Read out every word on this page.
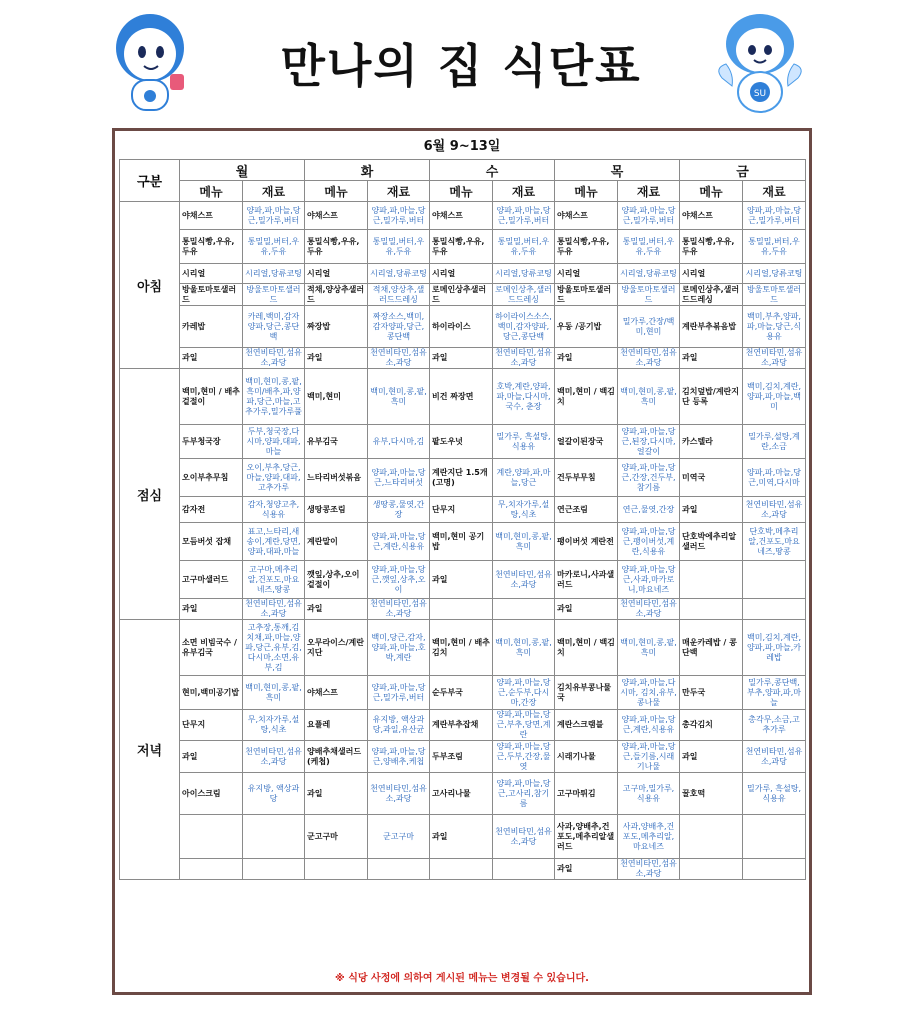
만나의 집 식단표
SU
6월 9~13일
구분	월		화		수		목		금	
	메뉴	재료	메뉴	재료	메뉴	재료	메뉴	재료	메뉴	재료
아침	야채스프	양파,파,마늘,당근,밀가루,버터	야채스프	양파,파,마늘,당근,밀가루,버터	야채스프	양파,파,마늘,당근,밀가루,버터	야채스프	양파,파,마늘,당근,밀가루,버터	야채스프	양파,파,마늘,당근,밀가루,버터
	통밀식빵,우유,두유	통밀밀,버터,우유,두유	통밀식빵,우유,두유	통밀밀,버터,우유,두유	통밀식빵,우유,두유	통밀밀,버터,우유,두유	통밀식빵,우유,두유	통밀밀,버터,우유,두유	통밀식빵,우유,두유	통밀밀,버터,우유,두유
	시리얼	시리얼,당류코팅	시리얼	시리얼,당류코팅	시리얼	시리얼,당류코팅	시리얼	시리얼,당류코팅	시리얼	시리얼,당류코팅
	방울토마토샐러드	방울토마토샐러드	적채,양상추샐러드	적채,양상추,샐러드드레싱	로메인상추샐러드	로메인상추,샐러드드레싱	방울토마토샐러드	방울토마토샐러드	로메인상추,샐러드드레싱	방울토마토샐러드
	카레밥	카레,백미,감자양파,당근,콩단백	짜장밥	짜장소스,백미,감자양파,당근,콩단백	하이라이스	하이라이스소스,백미,감자양파,당근,콩단백	우동 /공기밥	밀가루,간장/백미,현미	계란부추볶음밥	백미,부추,양파,파,마늘,당근,식용유
	과일	천연비타민,섬유소,과당	과일	천연비타민,섬유소,과당	과일	천연비타민,섬유소,과당	과일	천연비타민,섬유소,과당	과일	천연비타민,섬유소,과당
점심	백미,현미 / 배추겉절이	백미,현미,콩,팥,흑미/배추,파,양파,당근,마늘,고추가루,밀가루풀	백미,현미	백미,현미,콩,팥,흑미	비건 짜장면	호박,계란,양파,파,마늘,다시마,국수, 춘장	백미,현미 / 백김치	백미,현미,콩,팥,흑미	김치덮밥/계란지단 등록	백미,김치,계란,양파,파,마늘,백미
	두부청국장	두부,청국장,다시마,양파,대파,마늘	유부김국	유부,다시마,김	팥도우넛	밀가루, 흑설탕,식용유	얼갈이된장국	양파,파,마늘,당근,된장,다시마,얼갈이	카스텔라	밀가루,설탕,계란,소금
	오이부추무침	오이,부추,당근,마늘,양파,대파,고추가루	느타리버섯볶음	양파,파,마늘,당근,느타리버섯	계란지단 1.5개 (고명)	계란,양파,파,마늘,당근	건두부무침	양파,파,마늘,당근,간장,건두부,참기름	미역국	양파,파,마늘,당근,미역,다시마
	감자전	감자,청양고추,식용유	생땅콩조림	생땅콩,물엿,간장	단무지	무,치자가루,설탕,식초	연근조림	연근,물엿,간장	과일	천연비타민,섬유소,과당
	모듬버섯 잡채	표고,느타리,새송이,계란,당면,양파,대파,마늘	계란말이	양파,파,마늘,당근,계란,식용유	백미,현미 공기밥	백미,현미,콩,팥,흑미	팽이버섯 계란전	양파,파,마늘,당근,팽이버섯,계란,식용유	단호박에추리알샐러드	단호박,메추리알,건포도,마요네즈,땅콩
	고구마샐러드	고구마,메추리알,건포도,마요네즈,땅콩	깻잎,상추,오이겉절이	양파,파,마늘,당근,깻잎,상추,오이	과일	천연비타민,섬유소,과당	마카로니,사과샐러드	양파,파,마늘,당근,사과,마카로니,마요네즈		
	과일	천연비타민,섬유소,과당	과일	천연비타민,섬유소,과당			과일	천연비타민,섬유소,과당		
저녁	소면 비빔국수 / 유부김국	고추장,통깨,김치채,파,마늘,양파,당근,유부,김,다시마,소면,유부,김	오무라이스/계란지단	백미,당근,감자,양파,파,마늘,호박,계란	백미,현미 / 배추김치	백미,현미,콩,팥,흑미	백미,현미 / 백김치	백미,현미,콩,팥,흑미	매운카레밥 / 콩단백	백미,김치,계란,양파,파,마늘,카레밥
	현미,백미공기밥	백미,현미,콩,팥,흑미	야채스프	양파,파,마늘,당근,밀가루,버터	순두부국	양파,파,마늘,당근,순두부,다시마,간장	김치유부콩나물국	양파,파,마늘,다시마, 김치,유부,콩나물	만두국	밀가루,콩단백,부추,양파,파,마늘
	단무지	무,치자가루,설탕,식초	요플레	유지방, 액상과당,과일,유산균	계란부추잡채	양파,파,마늘,당근,부추,당면,계란	계란스크램블	양파,파,마늘,당근,계란,식용유	총각김치	총각무,소금,고추가루
	과일	천연비타민,섬유소,과당	양배추채샐러드(케첩)	양파,파,마늘,당근,양배추,케첩	두부조림	양파,파,마늘,당근,두부,간장,물엿	시래기나물	양파,파,마늘,당근,들기름,시래기나물	과일	천연비타민,섬유소,과당
	아이스크림	유지방, 액상과당	과일	천연비타민,섬유소,과당	고사리나물	양파,파,마늘,당근,고사리,참기름	고구마튀김	고구마,밀가루,식용유	꿀호떡	밀가루, 흑설탕,식용유
			군고구마	군고구마	과일	천연비타민,섬유소,과당	사과,양배추,건포도,메추리알샐러드	사과,양배추,건포도,메추리알,마요네즈		
							과일	천연비타민,섬유소,과당		
※ 식당 사정에 의하여 게시된 메뉴는 변경될 수 있습니다.
